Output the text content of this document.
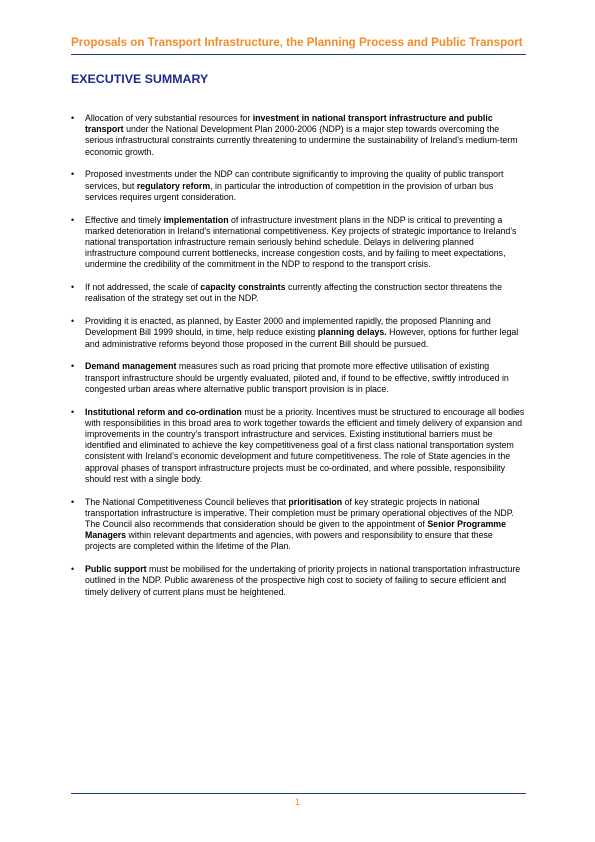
Proposals on Transport Infrastructure, the Planning Process and Public Transport
EXECUTIVE SUMMARY
• Allocation of very substantial resources for investment in national transport infrastructure and public transport under the National Development Plan 2000-2006 (NDP) is a major step towards overcoming the serious infrastructural constraints currently threatening to undermine the sustainability of Ireland’s medium-term economic growth.
• Proposed investments under the NDP can contribute significantly to improving the quality of public transport services, but regulatory reform, in particular the introduction of competition in the provision of urban bus services requires urgent consideration.
• Effective and timely implementation of infrastructure investment plans in the NDP is critical to preventing a marked deterioration in Ireland’s international competitiveness. Key projects of strategic importance to Ireland’s national transportation infrastructure remain seriously behind schedule. Delays in delivering planned infrastructure compound current bottlenecks, increase congestion costs, and by failing to meet expectations, undermine the credibility of the commitment in the NDP to respond to the transport crisis.
• If not addressed, the scale of capacity constraints currently affecting the construction sector threatens the realisation of the strategy set out in the NDP.
• Providing it is enacted, as planned, by Easter 2000 and implemented rapidly, the proposed Planning and Development Bill 1999 should, in time, help reduce existing planning delays. However, options for further legal and administrative reforms beyond those proposed in the current Bill should be pursued.
• Demand management measures such as road pricing that promote more effective utilisation of existing transport infrastructure should be urgently evaluated, piloted and, if found to be effective, swiftly introduced in congested urban areas where alternative public transport provision is in place.
• Institutional reform and co-ordination must be a priority. Incentives must be structured to encourage all bodies with responsibilities in this broad area to work together towards the efficient and timely delivery of expansion and improvements in the country’s transport infrastructure and services. Existing institutional barriers must be identified and eliminated to achieve the key competitiveness goal of a first class national transportation system consistent with Ireland’s economic development and future competitiveness. The role of State agencies in the approval phases of transport infrastructure projects must be co-ordinated, and where possible, responsibility should rest with a single body.
• The National Competitiveness Council believes that prioritisation of key strategic projects in national transportation infrastructure is imperative. Their completion must be primary operational objectives of the NDP. The Council also recommends that consideration should be given to the appointment of Senior Programme Managers within relevant departments and agencies, with powers and responsibility to ensure that these projects are completed within the lifetime of the Plan.
• Public support must be mobilised for the undertaking of priority projects in national transportation infrastructure outlined in the NDP. Public awareness of the prospective high cost to society of failing to secure efficient and timely delivery of current plans must be heightened.
1
